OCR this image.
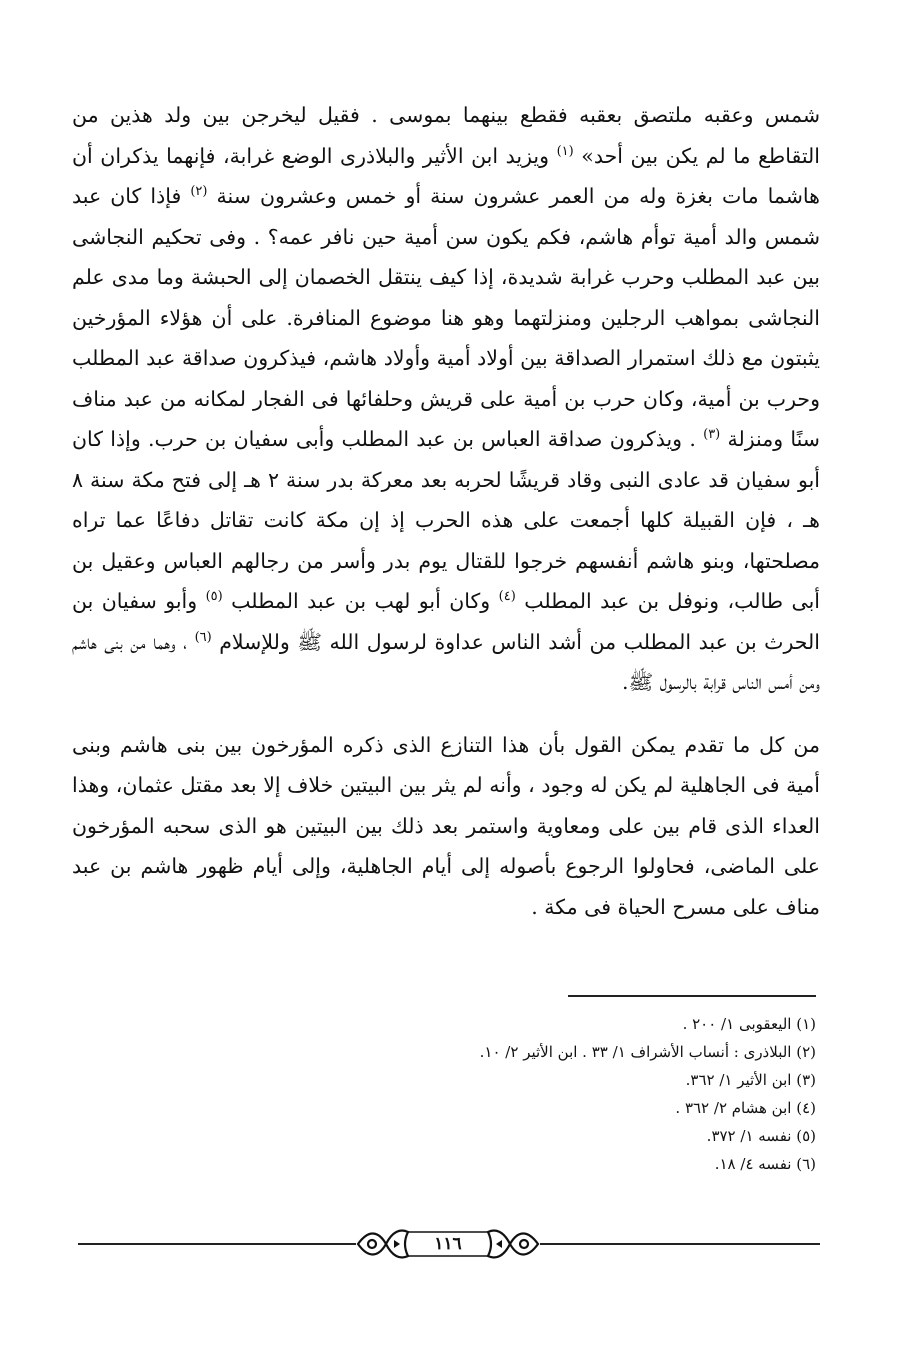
شمس وعقبه ملتصق بعقبه فقطع بينهما بموسى . فقيل ليخرجن بين ولد هذين من التقاطع ما لم يكن بين أحد» $^{(١)}$ ويزيد ابن الأثير والبلاذرى الوضع غرابة، فإنهما يذكران أن هاشما مات بغزة وله من العمر عشرون سنة أو خمس وعشرون سنة $^{(٢)}$ فإذا كان عبد شمس والد أمية توأم هاشم، فكم يكون سن أمية حين نافر عمه؟ . وفى تحكيم النجاشى بين عبد المطلب وحرب غرابة شديدة، إذا كيف ينتقل الخصمان إلى الحبشة وما مدى علم النجاشى بمواهب الرجلين ومنزلتهما وهو هنا موضوع المنافرة. على أن هؤلاء المؤرخين يثبتون مع ذلك استمرار الصداقة بين أولاد أمية وأولاد هاشم، فيذكرون صداقة عبد المطلب وحرب بن أمية، وكان حرب بن أمية على قريش وحلفائها فى الفجار لمكانه من عبد مناف سنًا ومنزلة $^{(٣)}$ . ويذكرون صداقة العباس بن عبد المطلب وأبى سفيان بن حرب. وإذا كان أبو سفيان قد عادى النبى وقاد قريشًا لحربه بعد معركة بدر سنة ٢ هـ إلى فتح مكة سنة ٨ هـ ، فإن القبيلة كلها أجمعت على هذه الحرب إذ إن مكة كانت تقاتل دفاعًا عما تراه مصلحتها، وبنو هاشم أنفسهم خرجوا للقتال يوم بدر وأسر من رجالهم العباس وعقيل بن أبى طالب، ونوفل بن عبد المطلب $^{(٤)}$ وكان أبو لهب بن عبد المطلب $^{(٥)}$ وأبو سفيان بن الحرث بن عبد المطلب من أشد الناس عداوة لرسول الله ﷺ وللإسلام $^{(٦)}$ ، وهما من بنى هاشم ومن أمس الناس قرابة بالرسول ﷺ.

من كل ما تقدم يمكن القول بأن هذا التنازع الذى ذكره المؤرخون بين بنى هاشم وبنى أمية فى الجاهلية لم يكن له وجود ، وأنه لم يثر بين البيتين خلاف إلا بعد مقتل عثمان، وهذا العداء الذى قام بين على ومعاوية واستمر بعد ذلك بين البيتين هو الذى سحبه المؤرخون على الماضى، فحاولوا الرجوع بأصوله إلى أيام الجاهلية، وإلى أيام ظهور هاشم بن عبد مناف على مسرح الحياة فى مكة .

(١) اليعقوبى ١/ ٢٠٠ .

(٢) البلاذرى : أنساب الأشراف ١/ ٣٣ . ابن الأثير ٢/ ١٠.

(٣) ابن الأثير ١/ ٣٦٢.

(٤) ابن هشام ٢/ ٣٦٢ .

(٥) نفسه ١/ ٣٧٢.

(٦) نفسه ٤/ ١٨.

١١٦
